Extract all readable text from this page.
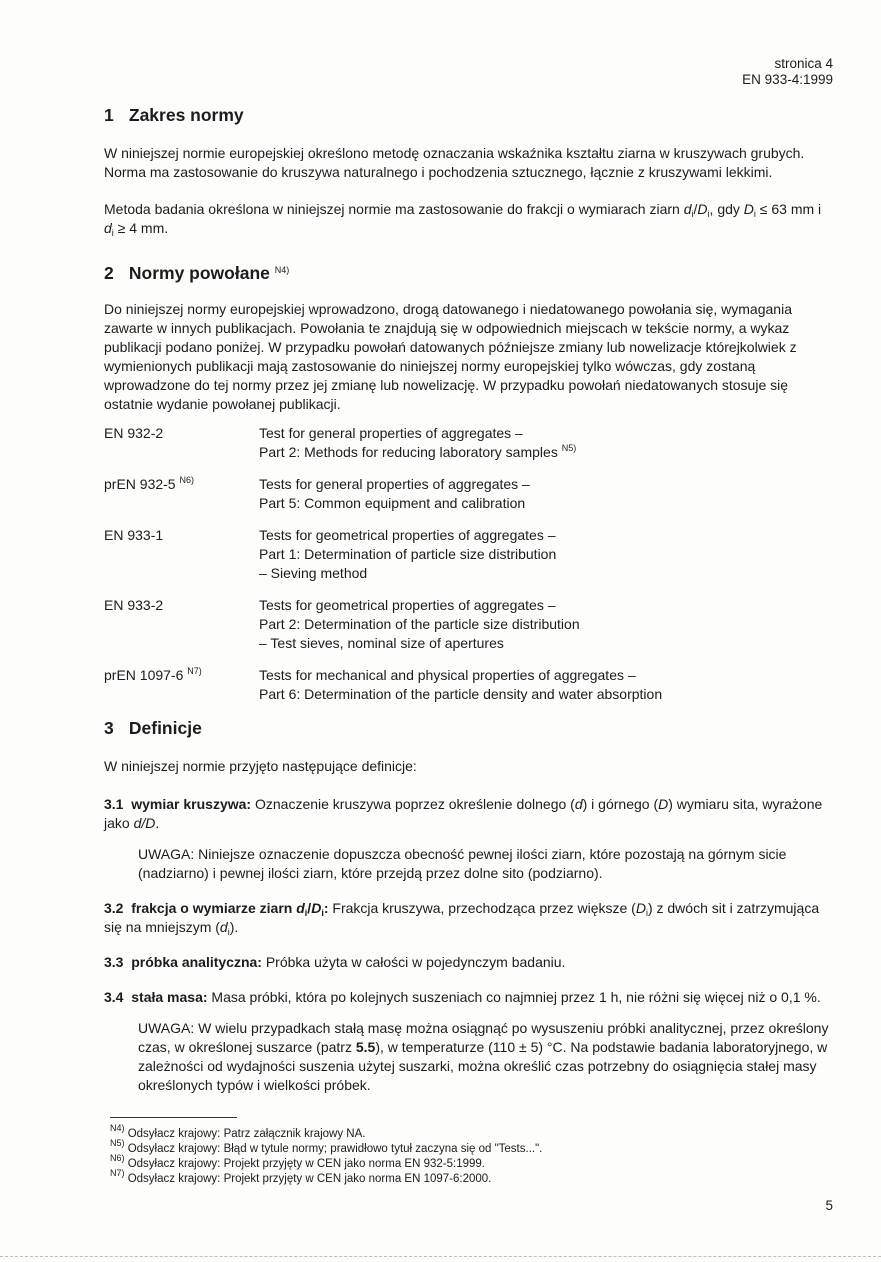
stronica 4
EN 933-4:1999
1 Zakres normy

W niniejszej normie europejskiej określono metodę oznaczania wskaźnika kształtu ziarna w kruszywach grubych. Norma ma zastosowanie do kruszywa naturalnego i pochodzenia sztucznego, łącznie z kruszywami lekkimi.

Metoda badania określona w niniejszej normie ma zastosowanie do frakcji o wymiarach ziarn $d_i/D_i$, gdy $D_i \le 63$ mm i $d_i \ge 4$ mm.

2 Normy powołane $^{N4)}$

Do niniejszej normy europejskiej wprowadzono, drogą datowanego i niedatowanego powołania się, wymagania zawarte w innych publikacjach. Powołania te znajdują się w odpowiednich miejscach w tekście normy, a wykaz publikacji podano poniżej. W przypadku powołań datowanych późniejsze zmiany lub nowelizacje którejkolwiek z wymienionych publikacji mają zastosowanie do niniejszej normy europejskiej tylko wówczas, gdy zostaną wprowadzone do tej normy przez jej zmianę lub nowelizację. W przypadku powołań niedatowanych stosuje się ostatnie wydanie powołanej publikacji.

EN 932-2	Test for general properties of aggregates –
Part 2: Methods for reducing laboratory samples $^{N5)}$
prEN 932-5 $^{N6)}$	Tests for general properties of aggregates –
Part 5: Common equipment and calibration
EN 933-1	Tests for geometrical properties of aggregates –
Part 1: Determination of particle size distribution
– Sieving method
EN 933-2	Tests for geometrical properties of aggregates –
Part 2: Determination of the particle size distribution
– Test sieves, nominal size of apertures
prEN 1097-6 $^{N7)}$	Tests for mechanical and physical properties of aggregates –
Part 6: Determination of the particle density and water absorption
3 Definicje

W niniejszej normie przyjęto następujące definicje:

3.1 wymiar kruszywa: Oznaczenie kruszywa poprzez określenie dolnego (d) i górnego (D) wymiaru sita, wyrażone jako d/D.

UWAGA: Niniejsze oznaczenie dopuszcza obecność pewnej ilości ziarn, które pozostają na górnym sicie (nadziarno) i pewnej ilości ziarn, które przejdą przez dolne sito (podziarno).

3.2 frakcja o wymiarze ziarn $d_i/D_i$: Frakcja kruszywa, przechodząca przez większe $(D_i)$ z dwóch sit i zatrzymująca się na mniejszym $(d_i)$.

3.3 próbka analityczna: Próbka użyta w całości w pojedynczym badaniu.

3.4 stała masa: Masa próbki, która po kolejnych suszeniach co najmniej przez 1 h, nie różni się więcej niż o 0,1 %.

UWAGA: W wielu przypadkach stałą masę można osiągnąć po wysuszeniu próbki analitycznej, przez określony czas, w określonej suszarce (patrz 5.5), w temperaturze (110 ± 5) °C. Na podstawie badania laboratoryjnego, w zależności od wydajności suszenia użytej suszarki, można określić czas potrzebny do osiągnięcia stałej masy określonych typów i wielkości próbek.

$^{N4)}$ Odsyłacz krajowy: Patrz załącznik krajowy NA.
$^{N5)}$ Odsyłacz krajowy: Błąd w tytule normy; prawidłowo tytuł zaczyna się od "Tests...".
$^{N6)}$ Odsyłacz krajowy: Projekt przyjęty w CEN jako norma EN 932-5:1999.
$^{N7)}$ Odsyłacz krajowy: Projekt przyjęty w CEN jako norma EN 1097-6:2000.
5
